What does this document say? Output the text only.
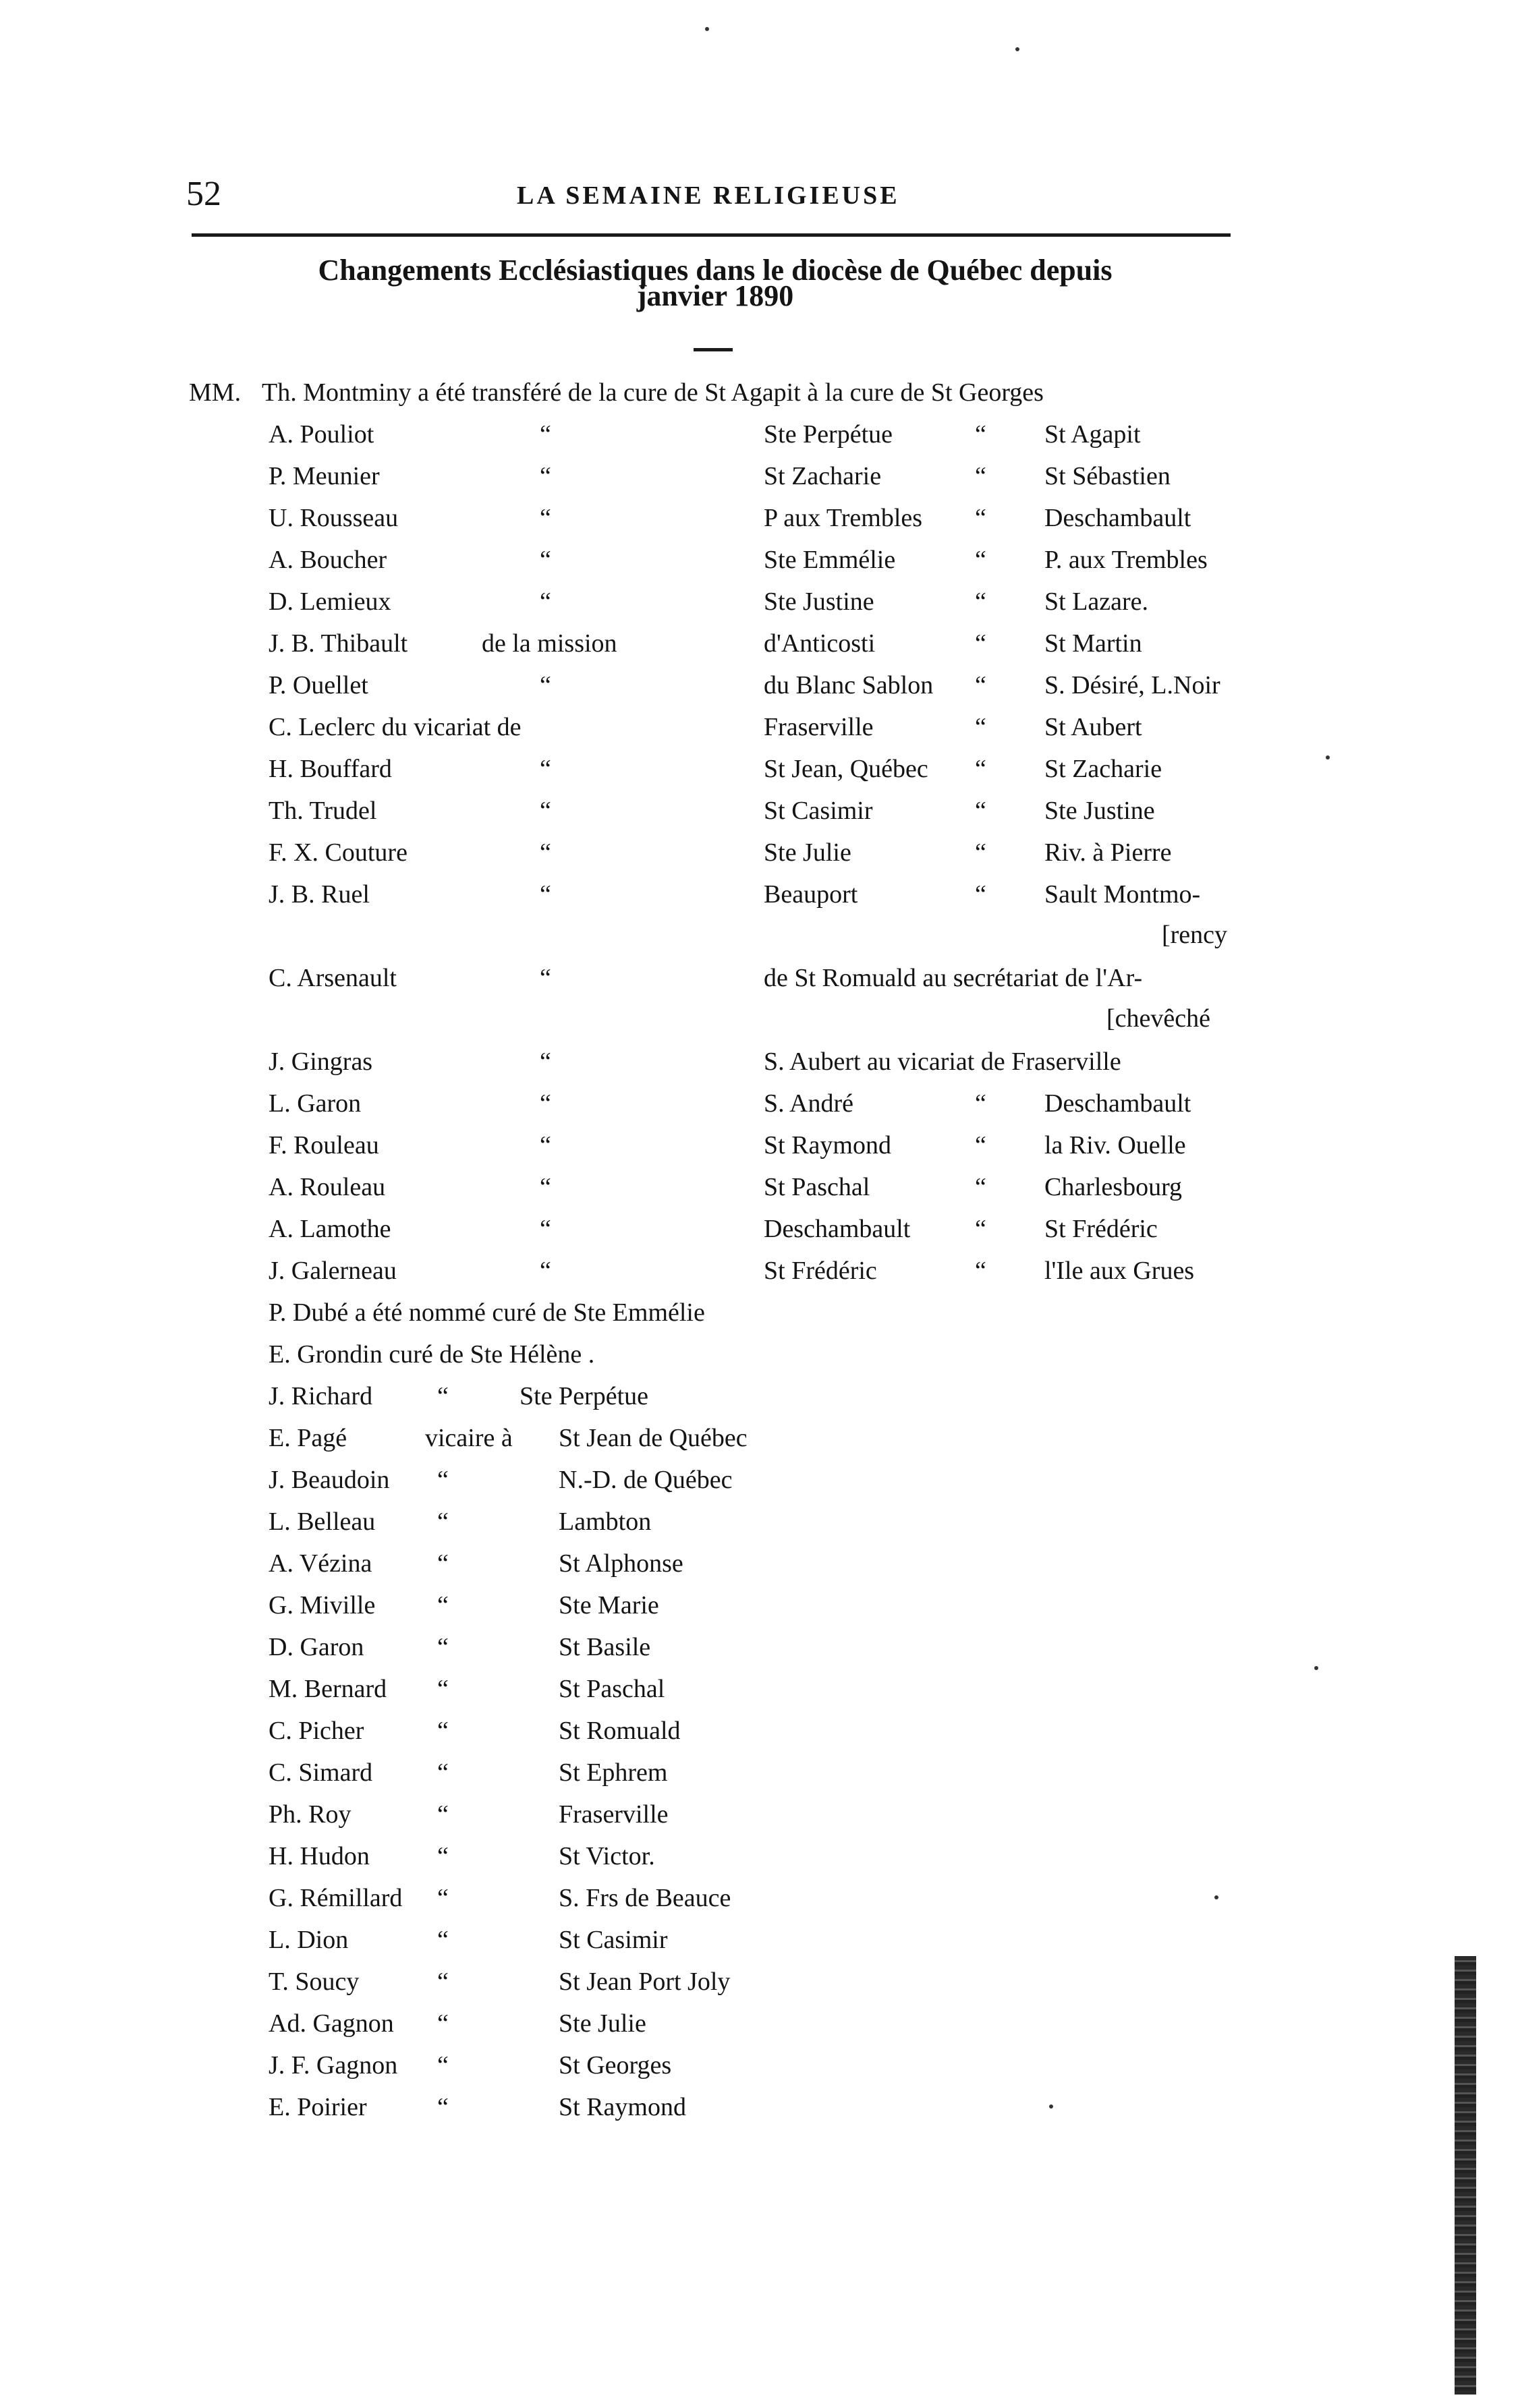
52	LA SEMAINE RELIGIEUSE
Changements Ecclésiastiques dans le diocèse de Québec depuis
janvier 1890
MM. Th. Montminy a été transféré de la cure de St Agapit à la cure de St Georges
A. Pouliot	“	Ste Perpétue	“ St Agapit
P. Meunier	“	St Zacharie	“ St Sébastien
U. Rousseau	“	P aux Trembles “ Deschambault
A. Boucher	“	Ste Emmélie	“ P. aux Trembles
D. Lemieux	“	Ste Justine	“ St Lazare.
J. B. Thibault	de la mission	d'Anticosti	“ St Martin
P. Ouellet	“	du Blanc Sablon “ S. Désiré, L.Noir
C. Leclerc du vicariat de	Fraserville	“ St Aubert
H. Bouffard	“	St Jean, Québec “ St Zacharie
Th. Trudel	“	St Casimir	“ Ste Justine
F. X. Couture	“	Ste Julie	“ Riv. à Pierre
J. B. Ruel	“	Beauport	“ Sault Montmo-
[rency
C. Arsenault	“	de St Romuald au secrétariat de l'Ar-
[chevêché
J. Gingras	“	S. Aubert au vicariat de Fraserville
L. Garon	“	S. André	“ Deschambault
F. Rouleau	“	St Raymond	“ la Riv. Ouelle
A. Rouleau	“	St Paschal	“ Charlesbourg
A. Lamothe	“	Deschambault	“ St Frédéric
J. Galerneau	“	St Frédéric	“ l'Ile aux Grues
P. Dubé a été nommé curé de Ste Emmélie
E. Grondin curé de Ste Hélène .
J. Richard	“	Ste Perpétue
E. Pagé	vicaire à St Jean de Québec
J. Beaudoin “	N.-D. de Québec
L. Belleau “	Lambton
A. Vézina	“	St Alphonse
G. Miville “	Ste Marie
D. Garon	“	St Basile
M. Bernard “	St Paschal
C. Picher	“	St Romuald
C. Simard	“	St Ephrem
Ph. Roy	“	Fraserville
H. Hudon	“	St Victor.
G. Rémillard “	S. Frs de Beauce
L. Dion	“	St Casimir
T. Soucy	“	St Jean Port Joly
Ad. Gagnon “	Ste Julie
J. F. Gagnon “	St Georges
E. Poirier	“	St Raymond
